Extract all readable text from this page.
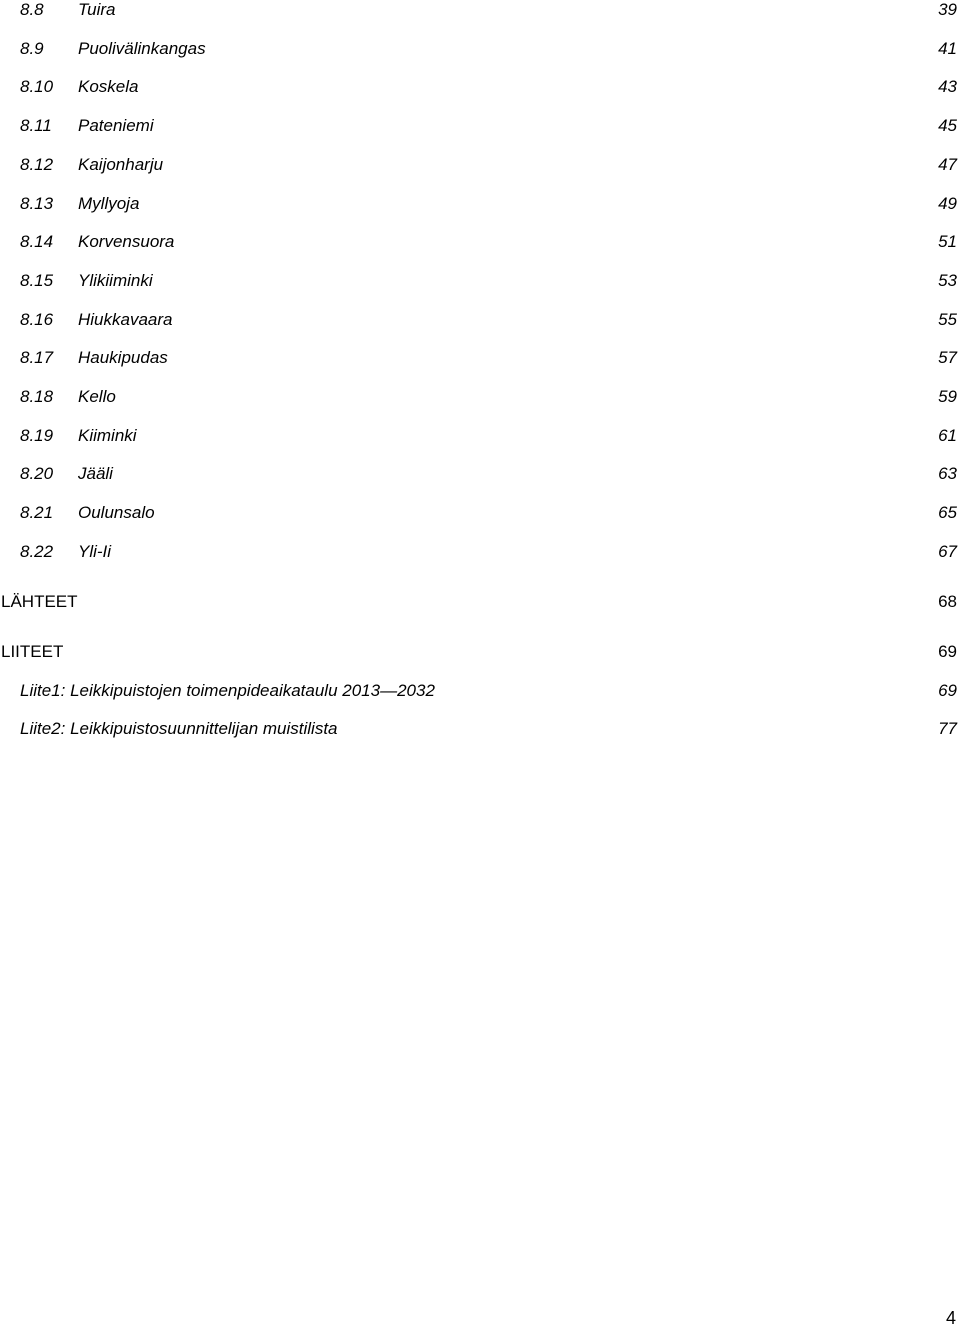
8.8 Tuira	39
8.9 Puolivälinkangas	41
8.10 Koskela	43
8.11 Pateniemi	45
8.12 Kaijonharju	47
8.13 Myllyoja	49
8.14 Korvensuora	51
8.15 Ylikiiminki	53
8.16 Hiukkavaara	55
8.17 Haukipudas	57
8.18 Kello	59
8.19 Kiiminki	61
8.20 Jääli	63
8.21 Oulunsalo	65
8.22 Yli-Ii	67
LÄHTEET	68
LIITEET	69
Liite1: Leikkipuistojen toimenpideaikataulu 2013—2032	69
Liite2: Leikkipuistosuunnittelijan muistilista	77
4
